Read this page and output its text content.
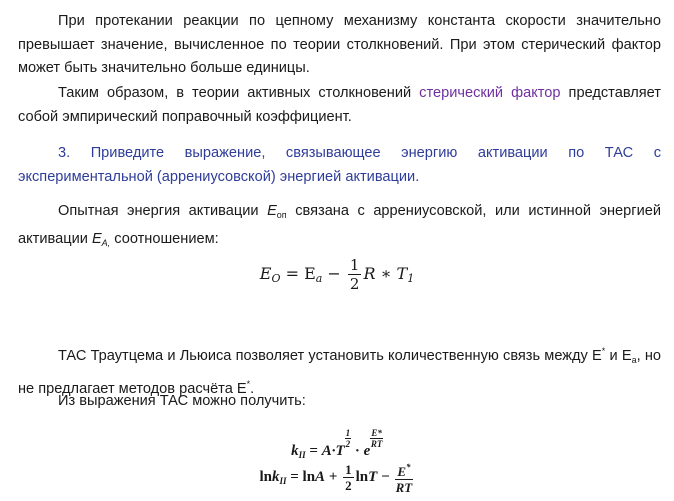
При протекании реакции по цепному механизму константа скорости значительно превышает значение, вычисленное по теории столкновений. При этом стерический фактор может быть значительно больше единицы.

Таким образом, в теории активных столкновений стерический фактор представляет собой эмпирический поправочный коэффициент.

3. Приведите выражение, связывающее энергию активации по ТАС с экспериментальной (аррениусовской) энергией активации.

Опытная энергия активации $E_{оп}$ связана с аррениусовской, или истинной энергией активации $E_{A,}$ соотношением:

$E_O = E_a - \frac{1}{2}$ R ∗ $T_1$

ТАС Траутцема и Льюиса позволяет установить количественную связь между E* и $E_a$, но не предлагает методов расчёта E*.

Из выражения ТАС можно получить:

$k_{II} = A\cdot T$
$\frac{1}{2}$
· e
$\frac{E*}{RT}$
$\ln k_{II} = \ln A + \frac{1}{2}$ $\ln T - \frac{E^*}{RT}$
